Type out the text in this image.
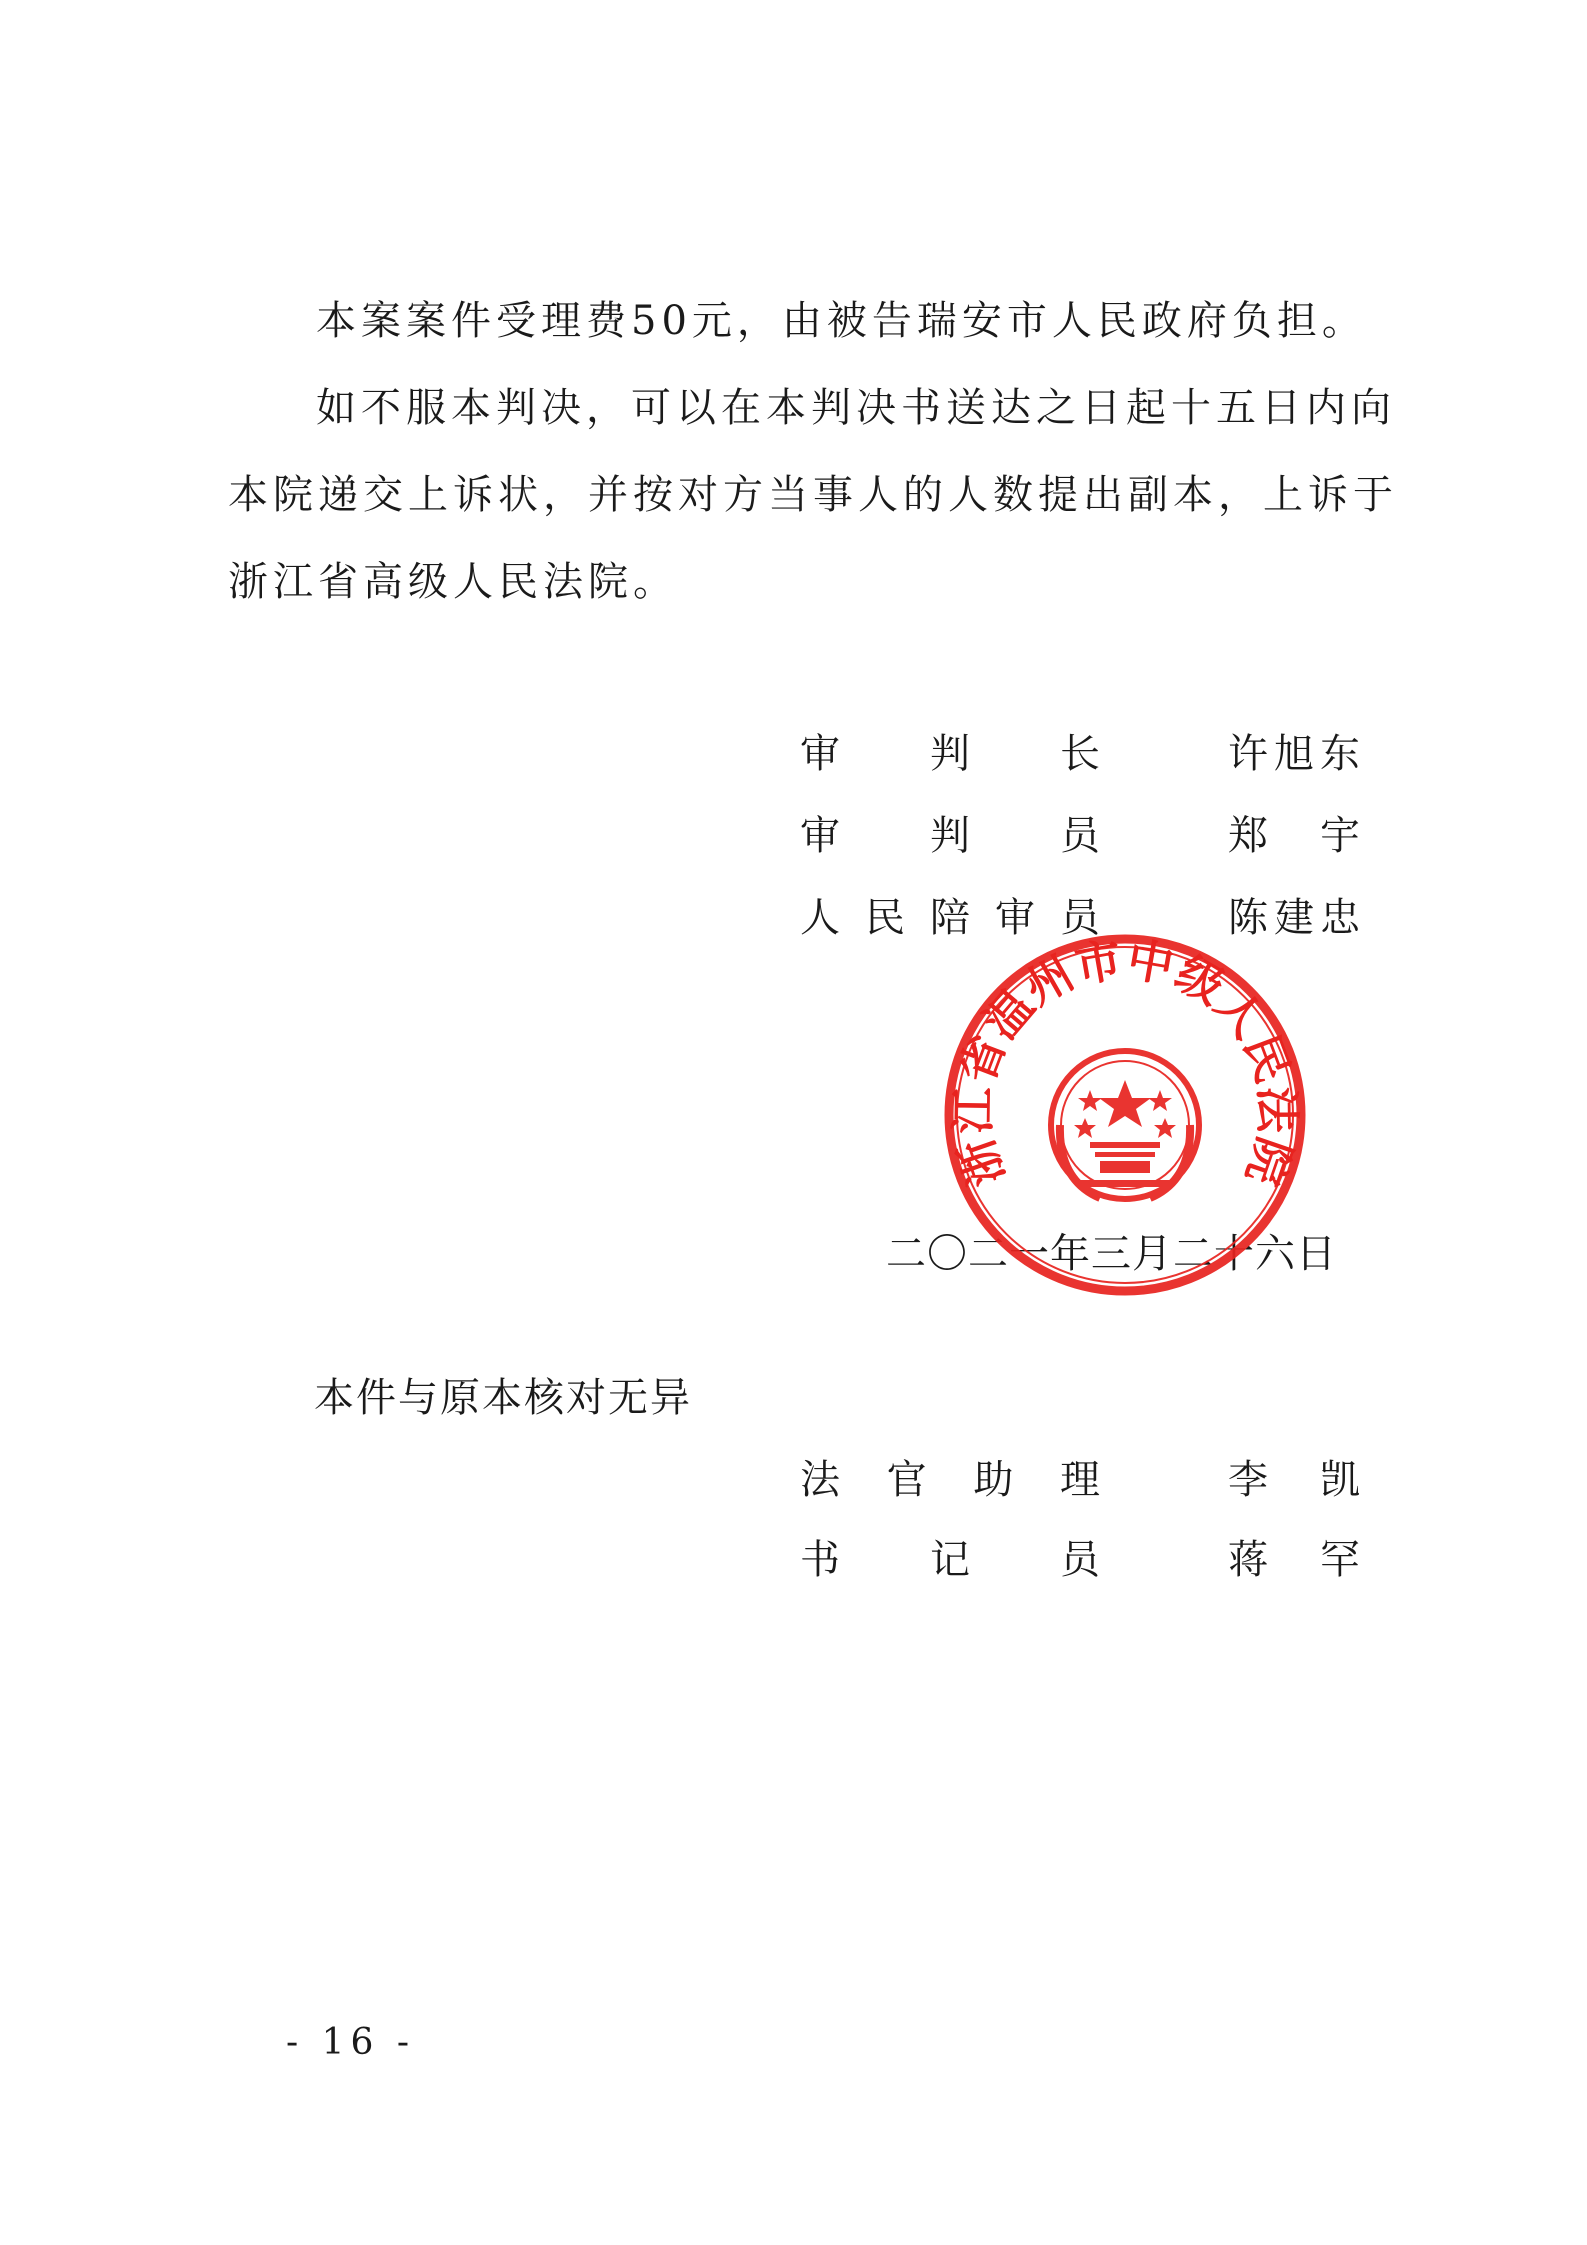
本案案件受理费50元，由被告瑞安市人民政府负担。

如不服本判决，可以在本判决书送达之日起十五日内向本院递交上诉状，并按对方当事人的人数提出副本，上诉于浙江省高级人民法院。

审 判 长	许 旭 东
审 判 员	郑 宇
人 民 陪 审 员	陈 建 忠
二〇二一年三月二十六日
浙江省温州市中级人民法院
本件与原本核对无异
法 官 助 理	李 凯
书 记 员	蒋 罕
- 16 -
